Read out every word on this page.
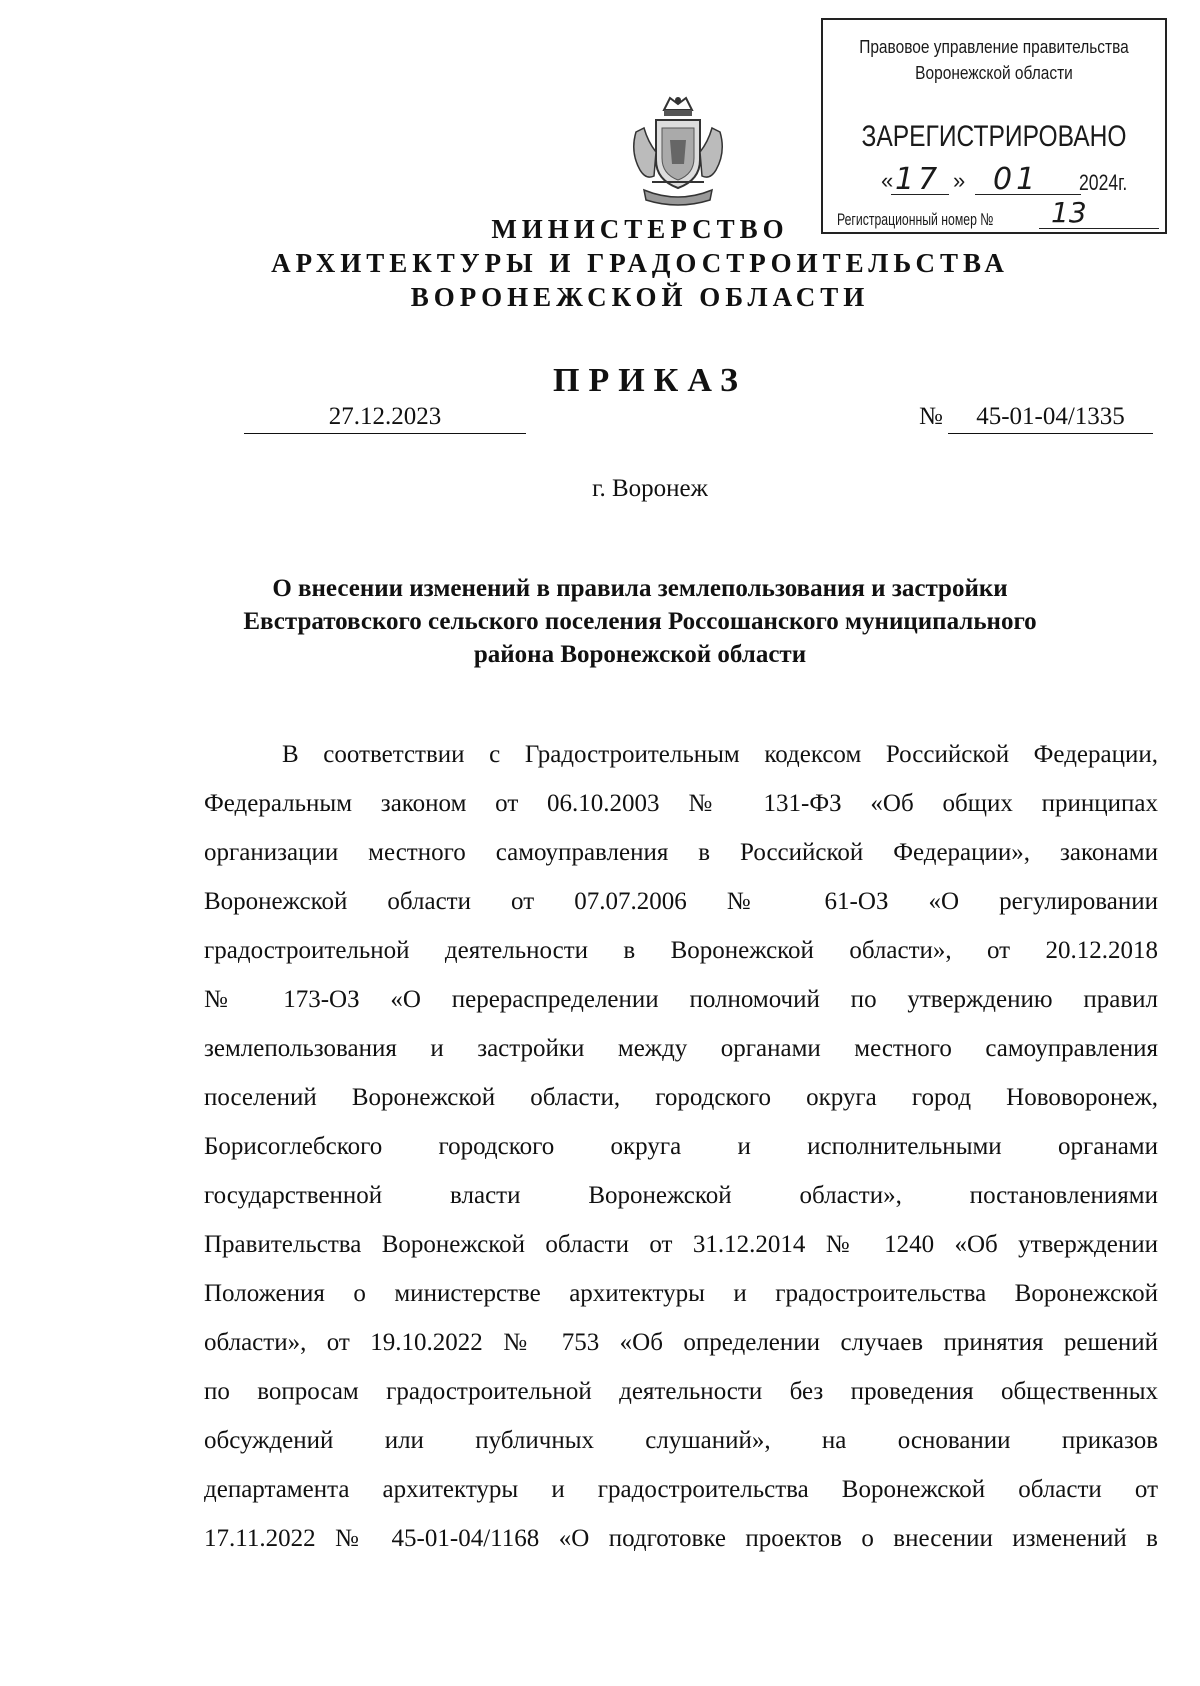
Правовое управление правительства
Воронежской области
ЗАРЕГИСТРИРОВАНО
« 17 » 01 2024г.
Регистрационный номер № 13
МИНИСТЕРСТВО
АРХИТЕКТУРЫ И ГРАДОСТРОИТЕЛЬСТВА
ВОРОНЕЖСКОЙ ОБЛАСТИ
ПРИКАЗ
27.12.2023	№	45-01-04/1335
г. Воронеж
О внесении изменений в правила землепользования и застройки
Евстратовского сельского поселения Россошанского муниципального
района Воронежской области
В соответствии с Градостроительным кодексом Российской Федерации,
Федеральным законом от 06.10.2003 № 131-ФЗ «Об общих принципах
организации местного самоуправления в Российской Федерации», законами
Воронежской области от 07.07.2006 № 61-ОЗ «О регулировании
градостроительной деятельности в Воронежской области», от 20.12.2018
№ 173-ОЗ «О перераспределении полномочий по утверждению правил
землепользования и застройки между органами местного самоуправления
поселений Воронежской области, городского округа город Нововоронеж,
Борисоглебского городского округа и исполнительными органами
государственной власти Воронежской области», постановлениями
Правительства Воронежской области от 31.12.2014 № 1240 «Об утверждении
Положения о министерстве архитектуры и градостроительства Воронежской
области», от 19.10.2022 № 753 «Об определении случаев принятия решений
по вопросам градостроительной деятельности без проведения общественных
обсуждений или публичных слушаний», на основании приказов
департамента архитектуры и градостроительства Воронежской области от
17.11.2022 № 45-01-04/1168 «О подготовке проектов о внесении изменений в
